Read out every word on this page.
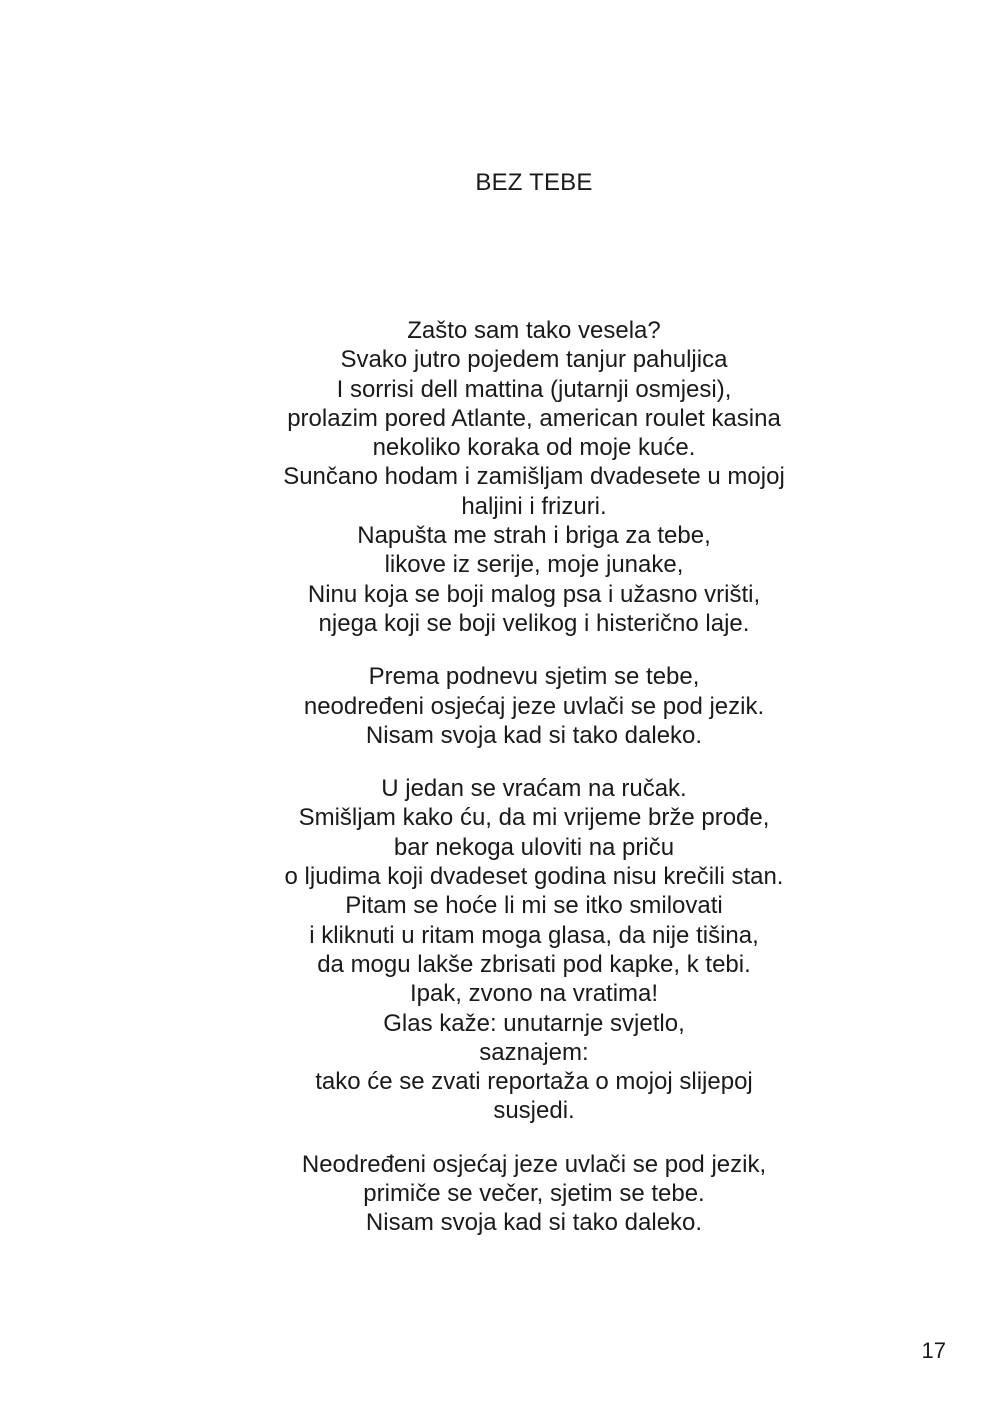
BEZ TEBE
Zašto sam tako vesela?
Svako jutro pojedem tanjur pahuljica
I sorrisi dell mattina (jutarnji osmjesi),
prolazim pored Atlante, american roulet kasina
nekoliko koraka od moje kuće.
Sunčano hodam i zamišljam dvadesete u mojoj
haljini i frizuri.
Napušta me strah i briga za tebe,
likove iz serije, moje junake,
Ninu koja se boji malog psa i užasno vrišti,
njega koji se boji velikog i histerično laje.
Prema podnevu sjetim se tebe,
neodređeni osjećaj jeze uvlači se pod jezik.
Nisam svoja kad si tako daleko.
U jedan se vraćam na ručak.
Smišljam kako ću, da mi vrijeme brže prođe,
bar nekoga uloviti na priču
o ljudima koji dvadeset godina nisu krečili stan.
Pitam se hoće li mi se itko smilovati
i kliknuti u ritam moga glasa, da nije tišina,
da mogu lakše zbrisati pod kapke, k tebi.
Ipak, zvono na vratima!
Glas kaže: unutarnje svjetlo,
saznajem:
tako će se zvati reportaža o mojoj slijepoj
susjedi.
Neodređeni osjećaj jeze uvlači se pod jezik,
primiče se večer, sjetim se tebe.
Nisam svoja kad si tako daleko.
17
